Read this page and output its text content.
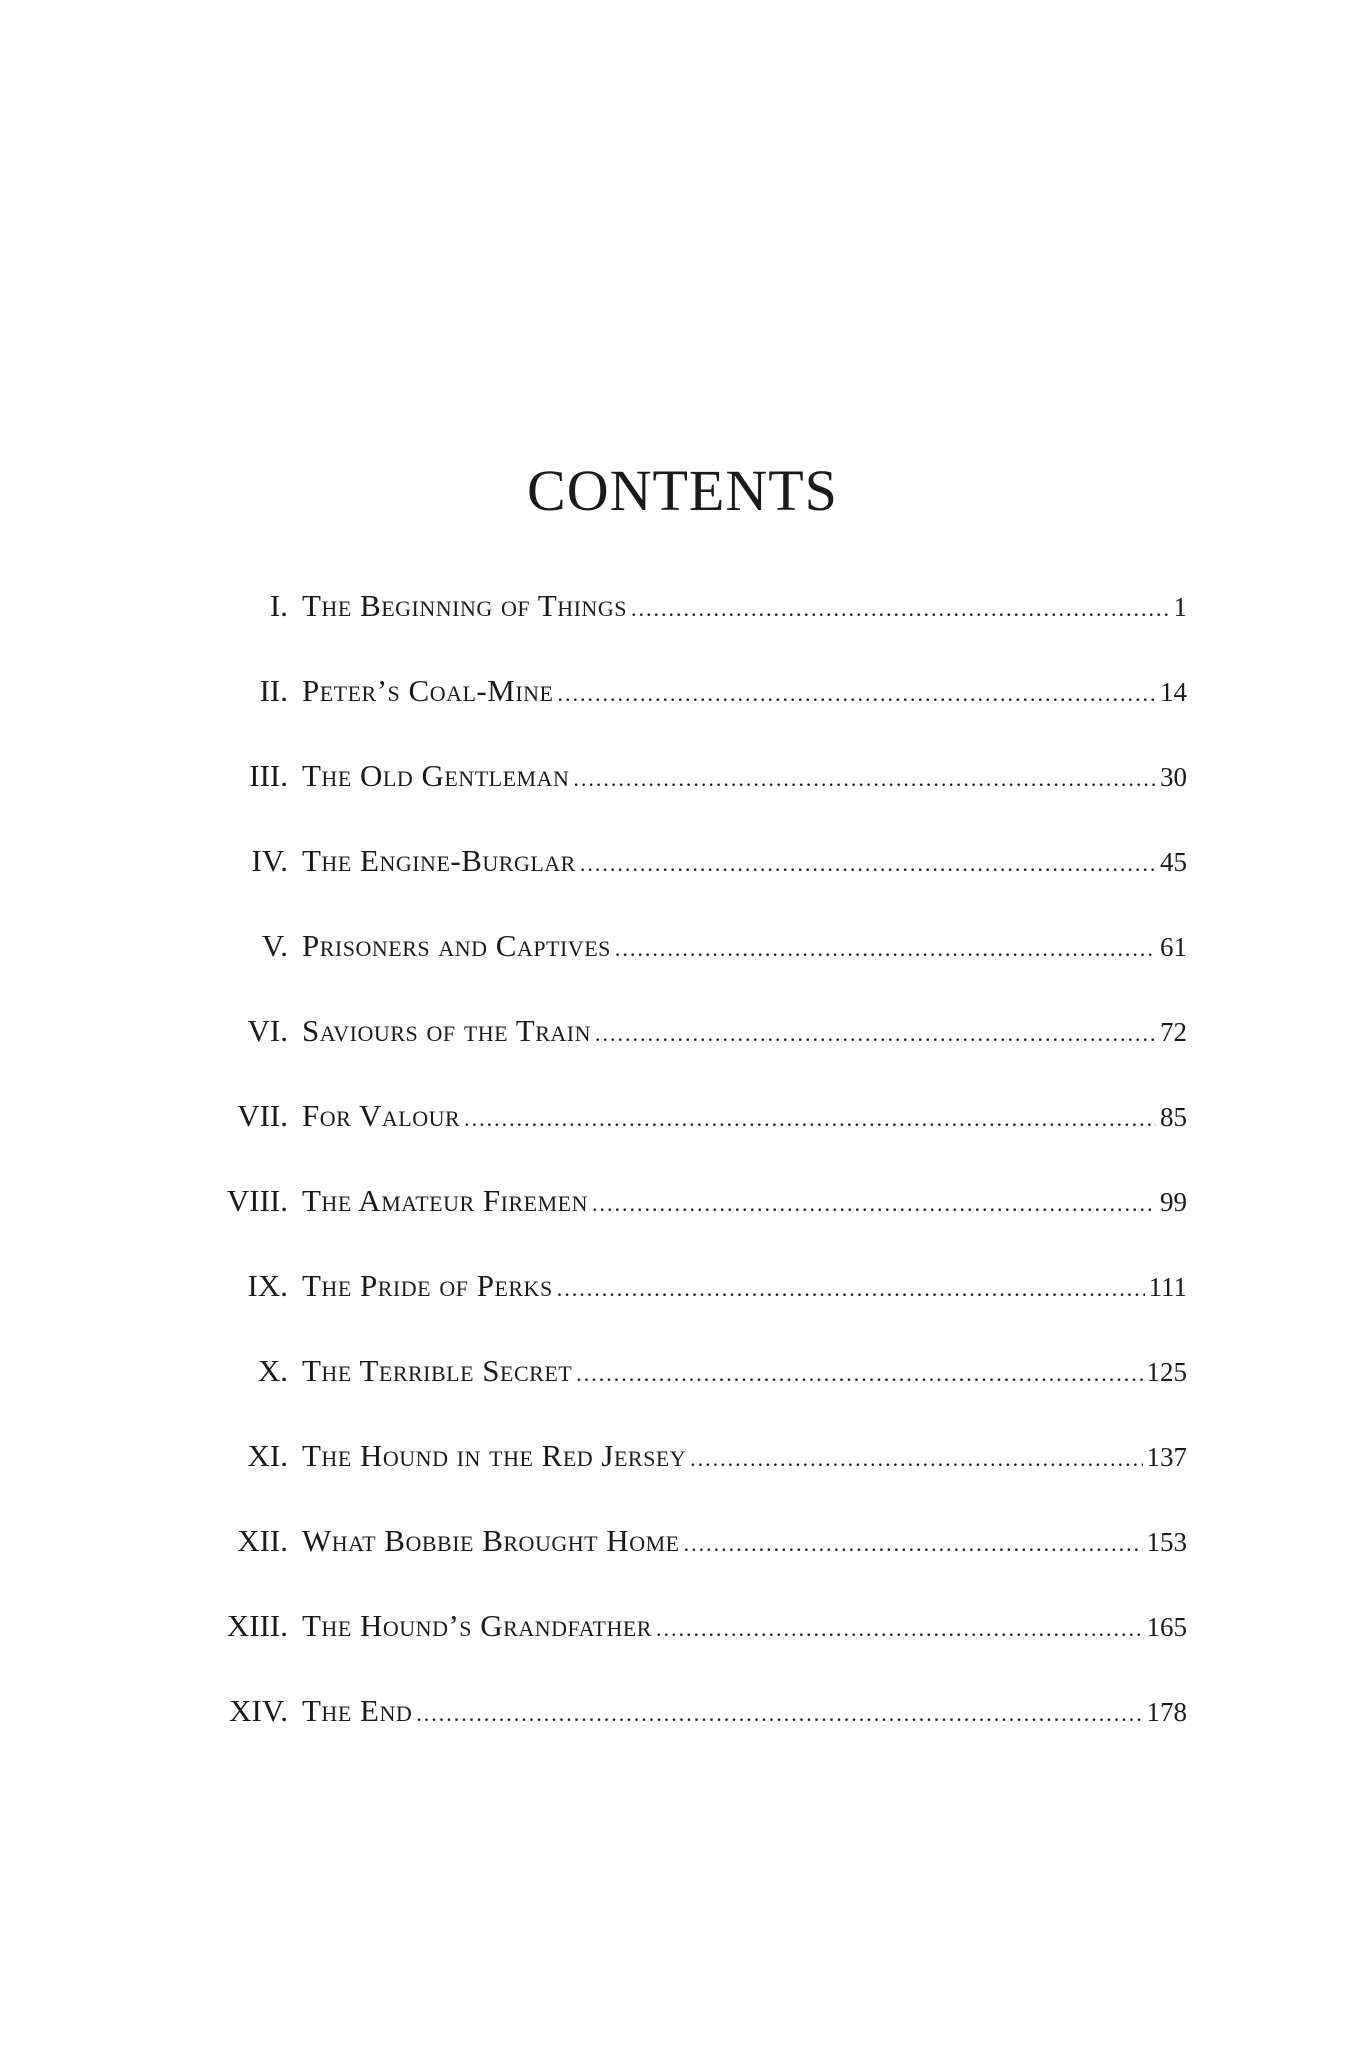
CONTENTS
I. The Beginning of Things .....	1
II. Peter’s Coal-Mine .....	14
III. The Old Gentleman .....	30
IV. The Engine-Burglar .....	45
V. Prisoners and Captives .....	61
VI. Saviours of the Train .....	72
VII. For Valour .....	85
VIII. The Amateur Firemen .....	99
IX. The Pride of Perks .....	111
X. The Terrible Secret .....	125
XI. The Hound in the Red Jersey .....	137
XII. What Bobbie Brought Home .....	153
XIII. The Hound’s Grandfather .....	165
XIV. The End .....	178
